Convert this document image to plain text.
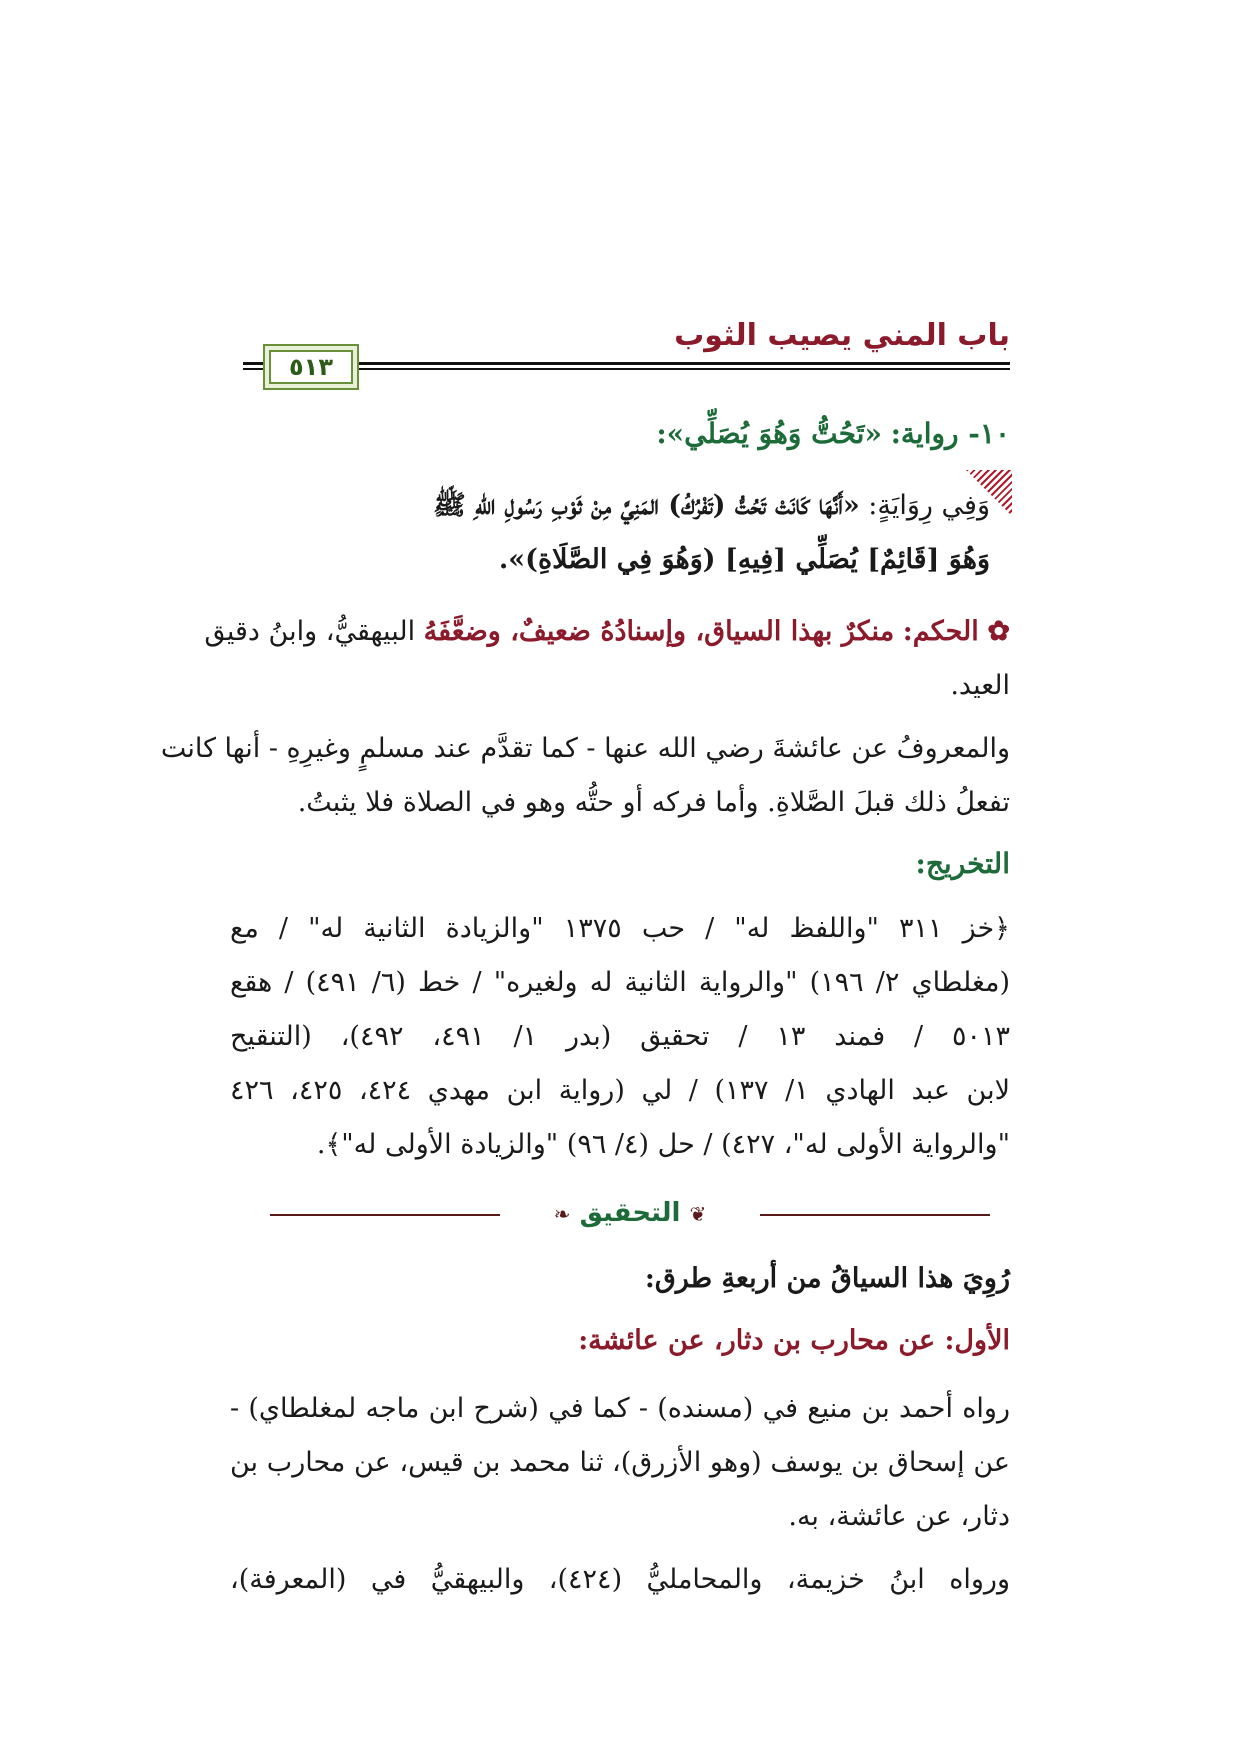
باب المني يصيب الثوب
٥١٣
١٠- رواية: «تَحُتُّ وَهُوَ يُصَلِّي»:
وَفِي رِوَايَةٍ: «أَنَّهَا كَانَتْ تَحُتُّ (تَفْرُكُ) المَنِيَّ مِنْ ثَوْبِ رَسُولِ اللهِ ﷺ
وَهُوَ [قَائِمٌ] يُصَلِّي [فِيهِ] (وَهُوَ فِي الصَّلَاةِ)».
✿ الحكم: منكرٌ بهذا السياق، وإسنادُهُ ضعيفٌ، وضعَّفَهُ البيهقيُّ، وابنُ دقيق
العيد.
والمعروفُ عن عائشةَ رضي الله عنها - كما تقدَّم عند مسلمٍ وغيرِهِ - أنها كانت
تفعلُ ذلك قبلَ الصَّلاةِ. وأما فركه أو حتُّه وهو في الصلاة فلا يثبتُ.
التخريج:
﴿خز ٣١١ "واللفظ له" / حب ١٣٧٥ "والزيادة الثانية له" / مع
(مغلطاي ٢/ ١٩٦) "والرواية الثانية له ولغيره" / خط (٦/ ٤٩١) / هقع
٥٠١٣ / فمند ١٣ / تحقيق (بدر ١/ ٤٩١، ٤٩٢)، (التنقيح
لابن عبد الهادي ١/ ١٣٧) / لي (رواية ابن مهدي ٤٢٤، ٤٢٥، ٤٢٦
"والرواية الأولى له"، ٤٢٧) / حل (٤/ ٩٦) "والزيادة الأولى له"﴾.
رُوِيَ هذا السياقُ من أربعةِ طرق:
الأول: عن محارب بن دثار، عن عائشة:
رواه أحمد بن منيع في (مسنده) - كما في (شرح ابن ماجه لمغلطاي) -
عن إسحاق بن يوسف (وهو الأزرق)، ثنا محمد بن قيس، عن محارب بن
دثار، عن عائشة، به.
ورواه ابنُ خزيمة، والمحامليُّ (٤٢٤)، والبيهقيُّ في (المعرفة)،
❦ التحقيق ❧
